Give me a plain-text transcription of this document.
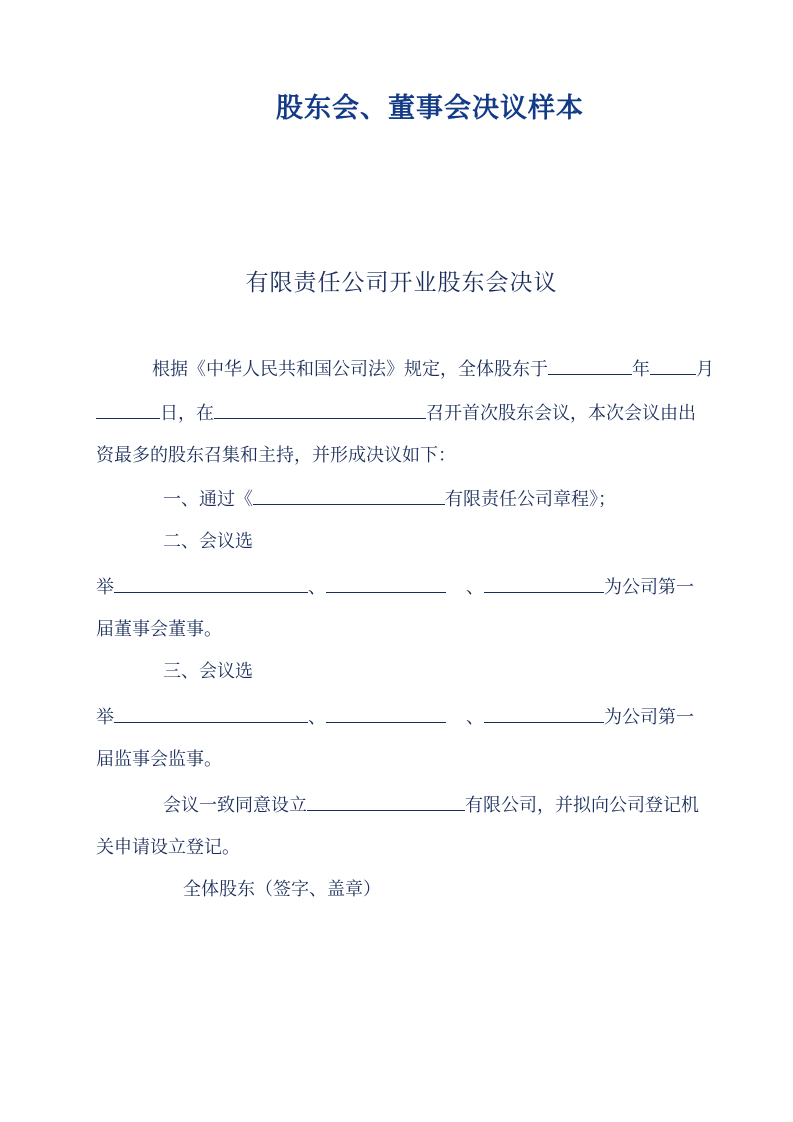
股东会、董事会决议样本
有限责任公司开业股东会决议
根据《中华人民共和国公司法》规定，全体股东于	年	月
日，在	召开首次股东会议，本次会议由出
资最多的股东召集和主持，并形成决议如下：
一、通过《	有限责任公司章程》；
二、会议选
举	、	、	为公司第一
届董事会董事。
三、会议选
举	、	、	为公司第一
届监事会监事。
会议一致同意设立	有限公司，并拟向公司登记机
关申请设立登记。
全体股东（签字、盖章）
